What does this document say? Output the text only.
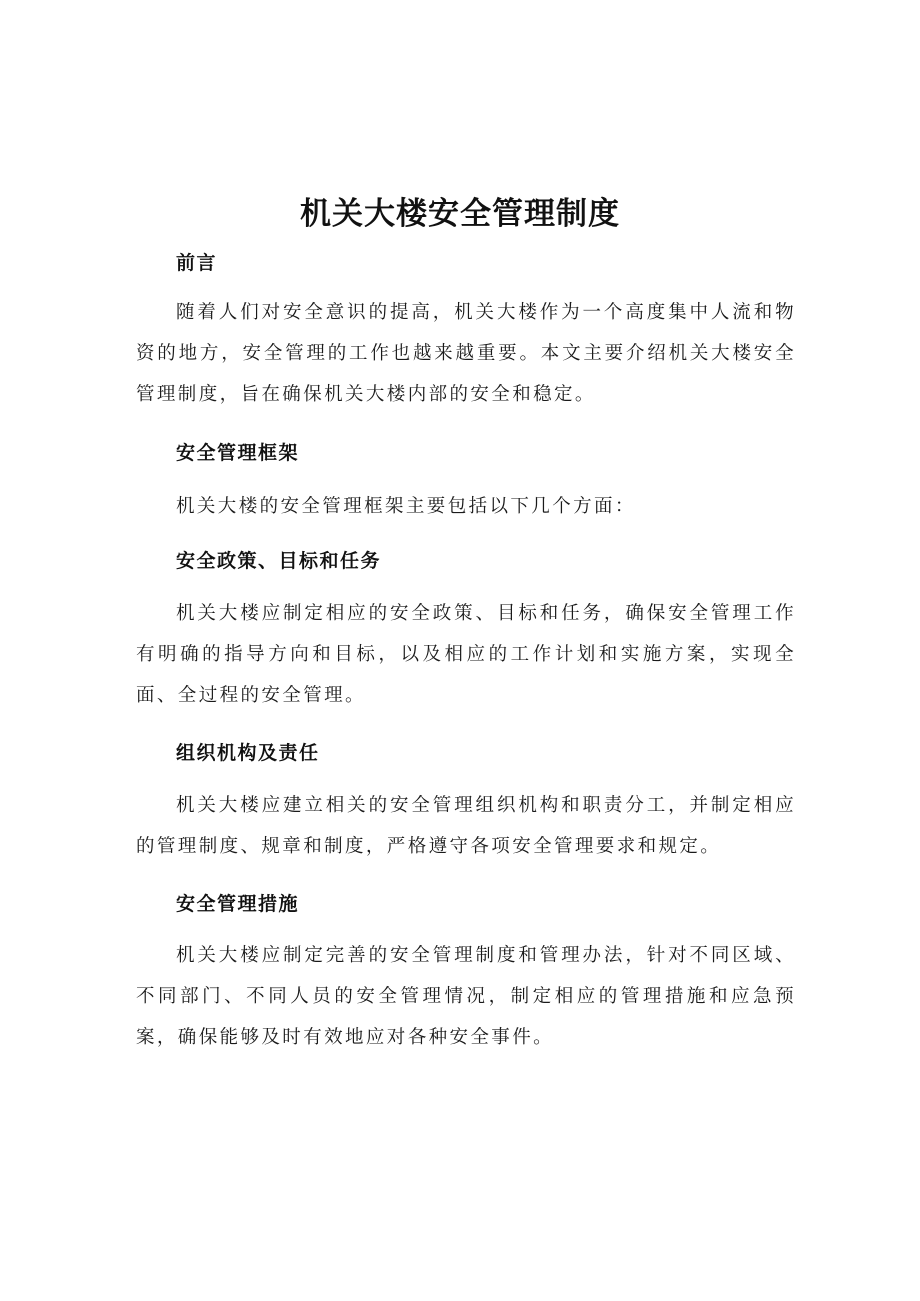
机关大楼安全管理制度
前言

随着人们对安全意识的提高，机关大楼作为一个高度集中人流和物资的地方，安全管理的工作也越来越重要。本文主要介绍机关大楼安全管理制度，旨在确保机关大楼内部的安全和稳定。

安全管理框架

机关大楼的安全管理框架主要包括以下几个方面：

安全政策、目标和任务

机关大楼应制定相应的安全政策、目标和任务，确保安全管理工作有明确的指导方向和目标，以及相应的工作计划和实施方案，实现全面、全过程的安全管理。

组织机构及责任

机关大楼应建立相关的安全管理组织机构和职责分工，并制定相应的管理制度、规章和制度，严格遵守各项安全管理要求和规定。

安全管理措施

机关大楼应制定完善的安全管理制度和管理办法，针对不同区域、不同部门、不同人员的安全管理情况，制定相应的管理措施和应急预案，确保能够及时有效地应对各种安全事件。
